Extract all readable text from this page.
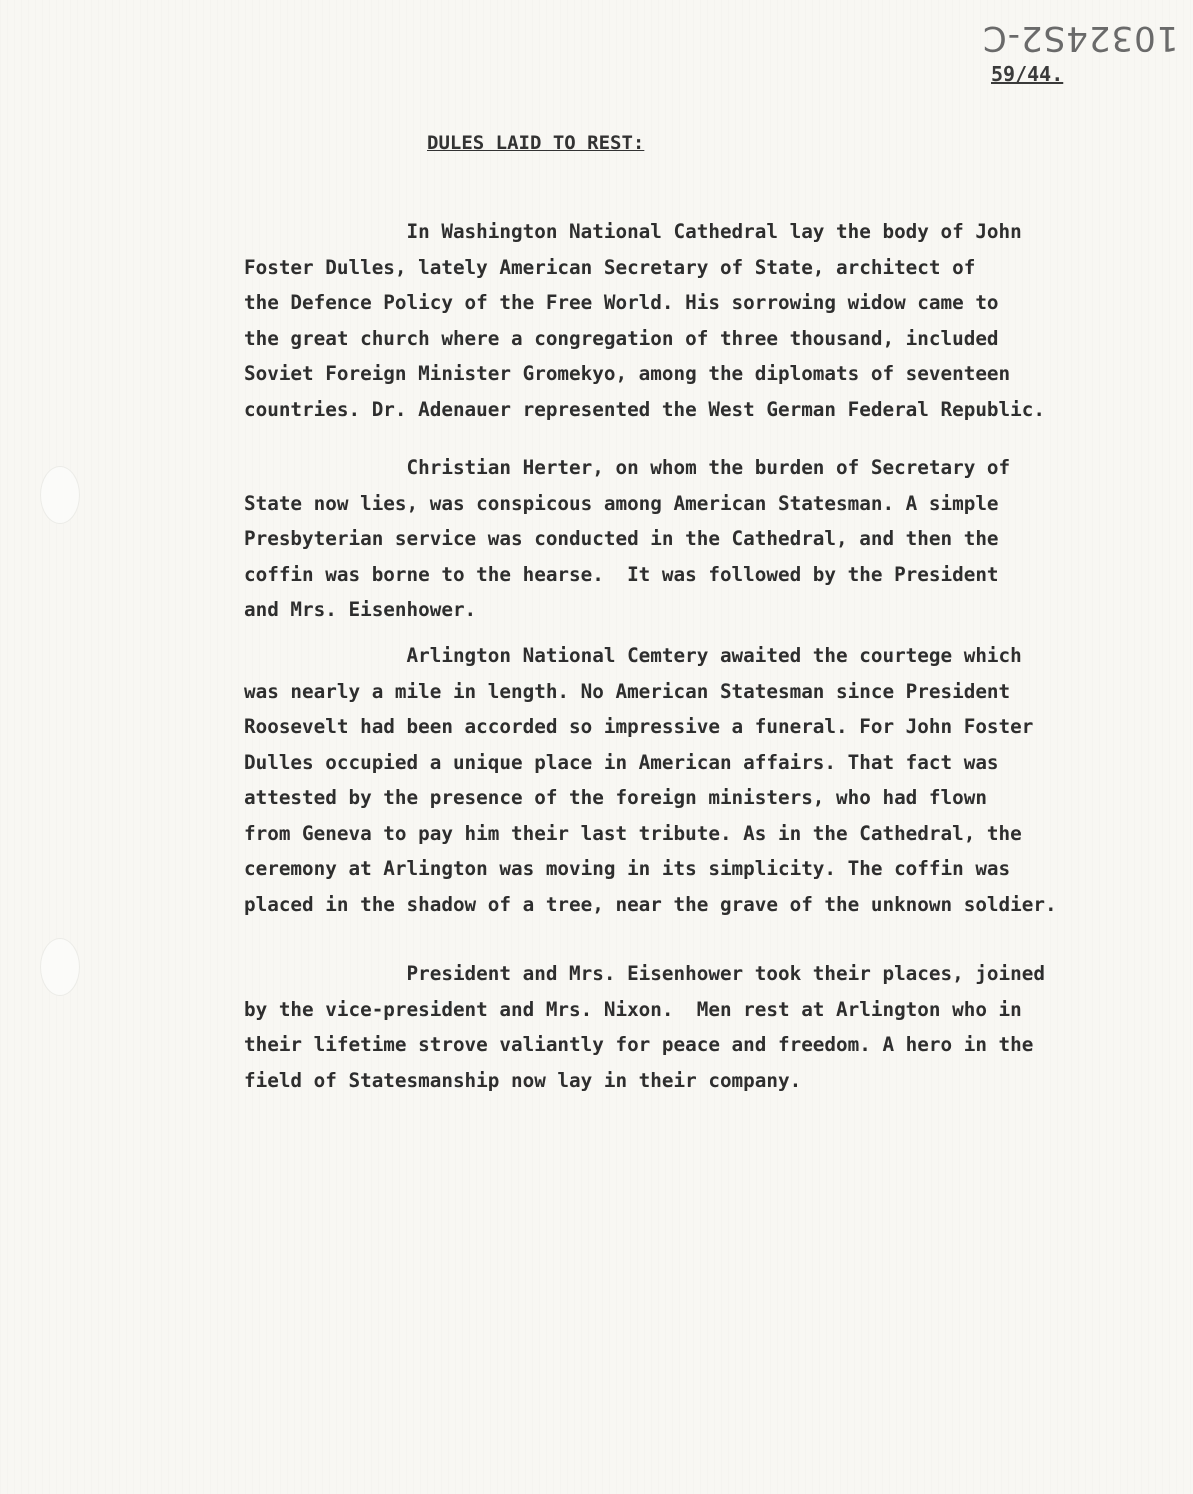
10324S2-C
59/44.
DULES LAID TO REST:

In Washington National Cathedral lay the body of John
Foster Dulles, lately American Secretary of State, architect of
the Defence Policy of the Free World. His sorrowing widow came to
the great church where a congregation of three thousand, included
Soviet Foreign Minister Gromekyo, among the diplomats of seventeen
countries. Dr. Adenauer represented the West German Federal Republic.

Christian Herter, on whom the burden of Secretary of
State now lies, was conspicous among American Statesman. A simple
Presbyterian service was conducted in the Cathedral, and then the
coffin was borne to the hearse.  It was followed by the President
and Mrs. Eisenhower.

Arlington National Cemtery awaited the courtege which
was nearly a mile in length. No American Statesman since President
Roosevelt had been accorded so impressive a funeral. For John Foster
Dulles occupied a unique place in American affairs. That fact was
attested by the presence of the foreign ministers, who had flown
from Geneva to pay him their last tribute. As in the Cathedral, the
ceremony at Arlington was moving in its simplicity. The coffin was
placed in the shadow of a tree, near the grave of the unknown soldier.

President and Mrs. Eisenhower took their places, joined
by the vice-president and Mrs. Nixon.  Men rest at Arlington who in
their lifetime strove valiantly for peace and freedom. A hero in the
field of Statesmanship now lay in their company.
